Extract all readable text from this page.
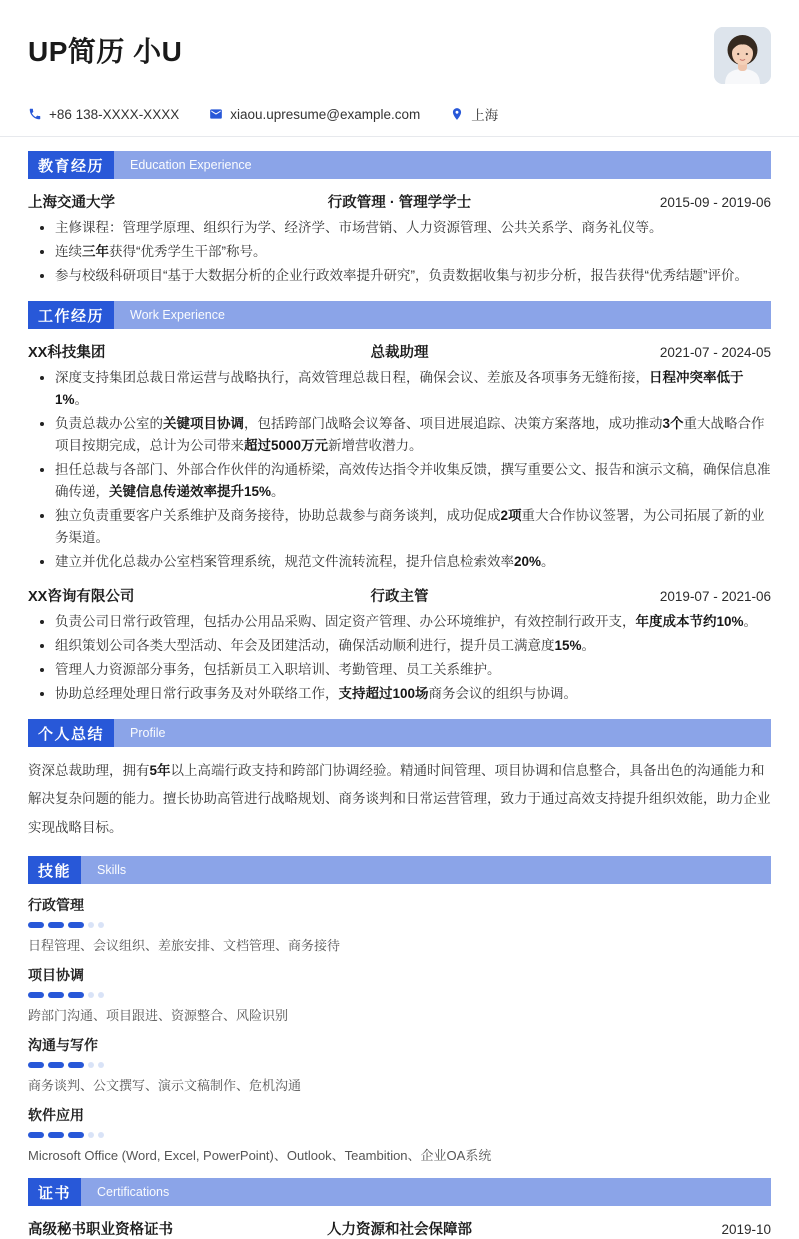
UP简历 小U
+86 138-XXXX-XXXX	xiaou.upresume@example.com	上海
教育经历	Education Experience
上海交通大学	行政管理 · 管理学学士	2015-09 - 2019-06
主修课程：管理学原理、组织行为学、经济学、市场营销、人力资源管理、公共关系学、商务礼仪等。
连续三年获得“优秀学生干部”称号。
参与校级科研项目“基于大数据分析的企业行政效率提升研究”，负责数据收集与初步分析，报告获得“优秀结题”评价。
工作经历	Work Experience
XX科技集团	总裁助理	2021-07 - 2024-05
深度支持集团总裁日常运营与战略执行，高效管理总裁日程，确保会议、差旅及各项事务无缝衔接，日程冲突率低于1%。
负责总裁办公室的关键项目协调，包括跨部门战略会议筹备、项目进展追踪、决策方案落地，成功推动3个重大战略合作项目按期完成，总计为公司带来超过5000万元新增营收潜力。
担任总裁与各部门、外部合作伙伴的沟通桥梁，高效传达指令并收集反馈，撰写重要公文、报告和演示文稿，确保信息准确传递，关键信息传递效率提升15%。
独立负责重要客户关系维护及商务接待，协助总裁参与商务谈判，成功促成2项重大合作协议签署，为公司拓展了新的业务渠道。
建立并优化总裁办公室档案管理系统，规范文件流转流程，提升信息检索效率20%。
XX咨询有限公司	行政主管	2019-07 - 2021-06
负责公司日常行政管理，包括办公用品采购、固定资产管理、办公环境维护，有效控制行政开支，年度成本节约10%。
组织策划公司各类大型活动、年会及团建活动，确保活动顺利进行，提升员工满意度15%。
管理人力资源部分事务，包括新员工入职培训、考勤管理、员工关系维护。
协助总经理处理日常行政事务及对外联络工作，支持超过100场商务会议的组织与协调。
个人总结	Profile

资深总裁助理，拥有5年以上高端行政支持和跨部门协调经验。精通时间管理、项目协调和信息整合，具备出色的沟通能力和解决复杂问题的能力。擅长协助高管进行战略规划、商务谈判和日常运营管理，致力于通过高效支持提升组织效能，助力企业实现战略目标。

技能	Skills
行政管理

日程管理、会议组织、差旅安排、文档管理、商务接待

项目协调

跨部门沟通、项目跟进、资源整合、风险识别

沟通与写作

商务谈判、公文撰写、演示文稿制作、危机沟通

软件应用

Microsoft Office (Word, Excel, PowerPoint)、Outlook、Teambition、企业OA系统

证书	Certifications
高级秘书职业资格证书	人力资源和社会保障部	2019-10
